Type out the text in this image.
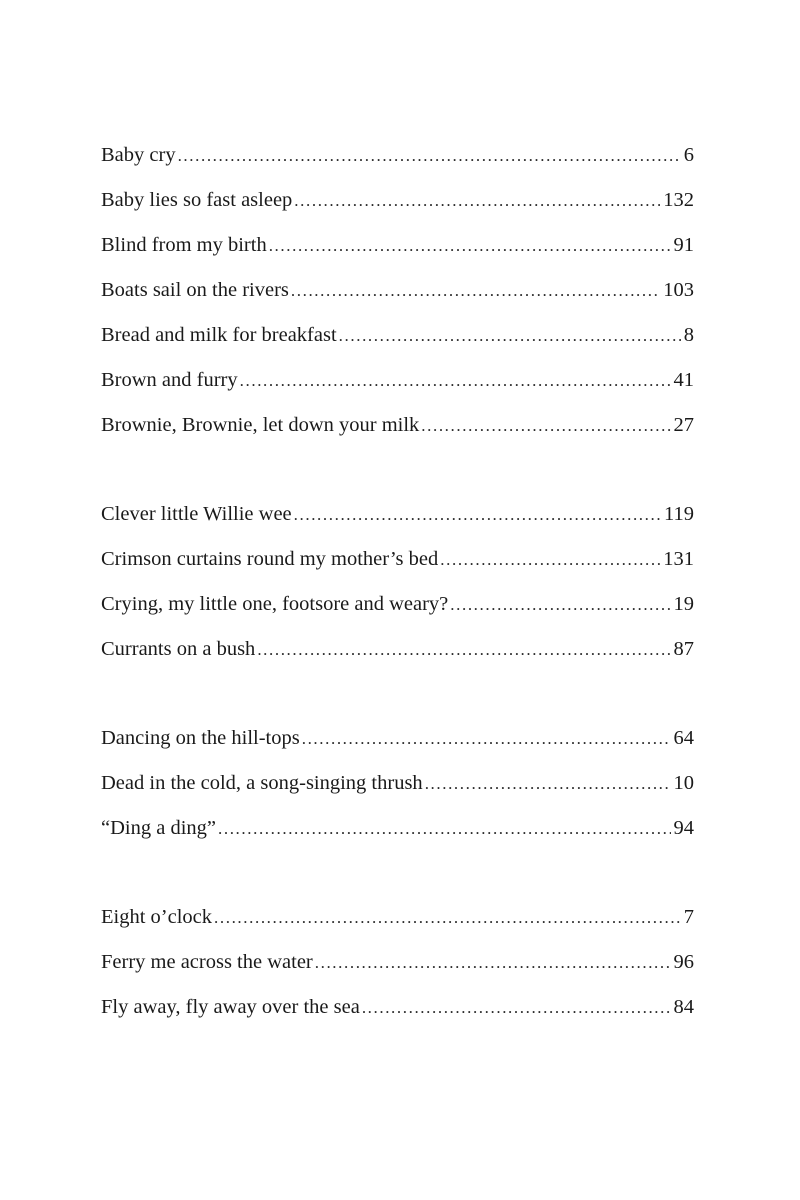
Baby cry .....	6
Baby lies so fast asleep .....	132
Blind from my birth .....	91
Boats sail on the rivers .....	103
Bread and milk for breakfast .....	8
Brown and furry .....	41
Brownie, Brownie, let down your milk .....	27
Clever little Willie wee .....	119
Crimson curtains round my mother’s bed .....	131
Crying, my little one, footsore and weary? .....	19
Currants on a bush .....	87
Dancing on the hill-tops .....	64
Dead in the cold, a song-singing thrush .....	10
“Ding a ding” .....	94
Eight o’clock .....	7
Ferry me across the water .....	96
Fly away, fly away over the sea .....	84
